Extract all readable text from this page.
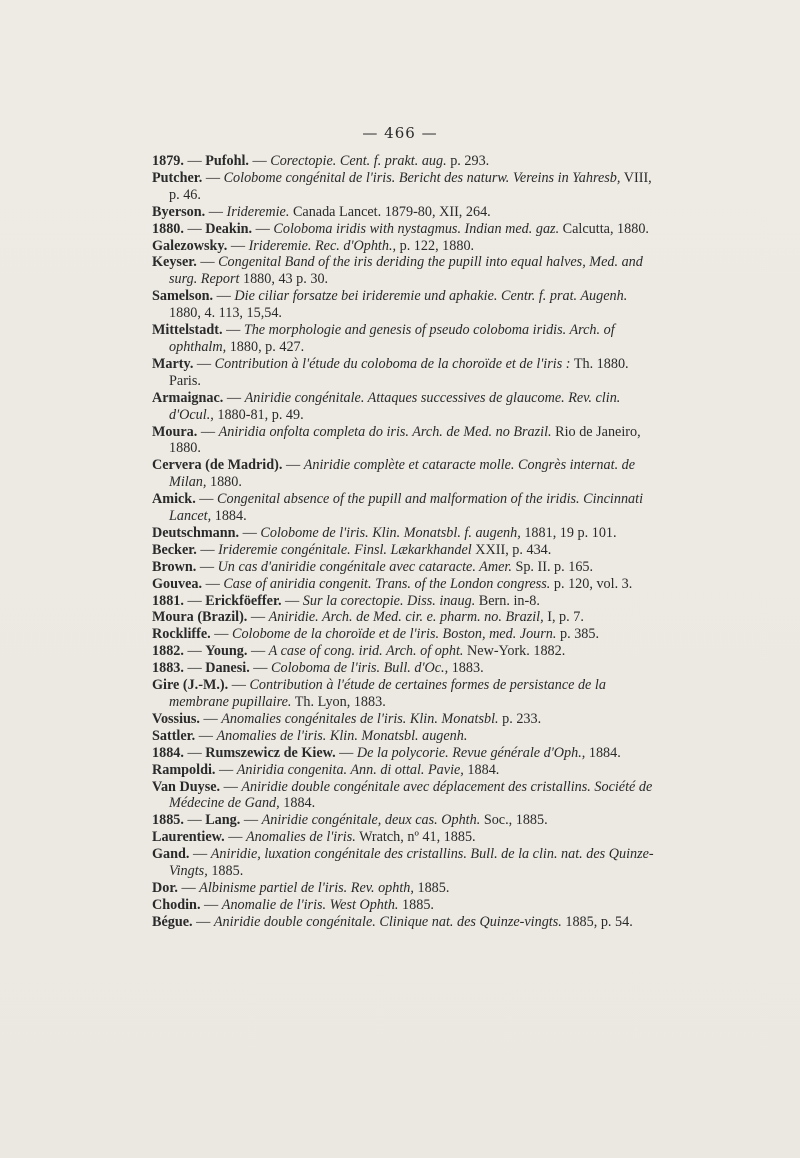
— 466 —
1879. — Pufohl. — Corectopie. Cent. f. prakt. aug. p. 293.
Putcher. — Colobome congénital de l'iris. Bericht des naturw. Vereins in Yahresb, VIII, p. 46.
Byerson. — Irideremie. Canada Lancet. 1879-80, XII, 264.
1880. — Deakin. — Coloboma iridis with nystagmus. Indian med. gaz. Calcutta, 1880.
Galezowsky. — Irideremie. Rec. d'Ophth., p. 122, 1880.
Keyser. — Congenital Band of the iris deriding the pupill into equal halves, Med. and surg. Report 1880, 43 p. 30.
Samelson. — Die ciliar forsatze bei irideremie und aphakie. Centr. f. prat. Augenh. 1880, 4. 113, 15,54.
Mittelstadt. — The morphologie and genesis of pseudo coloboma iridis. Arch. of ophthalm, 1880, p. 427.
Marty. — Contribution à l'étude du coloboma de la choroïde et de l'iris : Th. 1880. Paris.
Armaignac. — Aniridie congénitale. Attaques successives de glaucome. Rev. clin. d'Ocul., 1880-81, p. 49.
Moura. — Aniridia onfolta completa do iris. Arch. de Med. no Brazil. Rio de Janeiro, 1880.
Cervera (de Madrid). — Aniridie complète et cataracte molle. Congrès internat. de Milan, 1880.
Amick. — Congenital absence of the pupill and malformation of the iridis. Cincinnati Lancet, 1884.
Deutschmann. — Colobome de l'iris. Klin. Monatsbl. f. augenh, 1881, 19 p. 101.
Becker. — Irideremie congénitale. Finsl. Lækarkhandel XXII, p. 434.
Brown. — Un cas d'aniridie congénitale avec cataracte. Amer. Sp. II. p. 165.
Gouvea. — Case of aniridia congenit. Trans. of the London congress. p. 120, vol. 3.
1881. — Erickföeffer. — Sur la corectopie. Diss. inaug. Bern. in-8.
Moura (Brazil). — Aniridie. Arch. de Med. cir. e. pharm. no. Brazil, I, p. 7.
Rockliffe. — Colobome de la choroïde et de l'iris. Boston, med. Journ. p. 385.
1882. — Young. — A case of cong. irid. Arch. of opht. New-York. 1882.
1883. — Danesi. — Coloboma de l'iris. Bull. d'Oc., 1883.
Gire (J.-M.). — Contribution à l'étude de certaines formes de persistance de la membrane pupillaire. Th. Lyon, 1883.
Vossius. — Anomalies congénitales de l'iris. Klin. Monatsbl. p. 233.
Sattler. — Anomalies de l'iris. Klin. Monatsbl. augenh.
1884. — Rumszewicz de Kiew. — De la polycorie. Revue générale d'Oph., 1884.
Rampoldi. — Aniridia congenita. Ann. di ottal. Pavie, 1884.
Van Duyse. — Aniridie double congénitale avec déplacement des cristallins. Société de Médecine de Gand, 1884.
1885. — Lang. — Aniridie congénitale, deux cas. Ophth. Soc., 1885.
Laurentiew. — Anomalies de l'iris. Wratch, nº 41, 1885.
Gand. — Aniridie, luxation congénitale des cristallins. Bull. de la clin. nat. des Quinze-Vingts, 1885.
Dor. — Albinisme partiel de l'iris. Rev. ophth, 1885.
Chodin. — Anomalie de l'iris. West Ophth. 1885.
Bégue. — Aniridie double congénitale. Clinique nat. des Quinze-vingts. 1885, p. 54.
